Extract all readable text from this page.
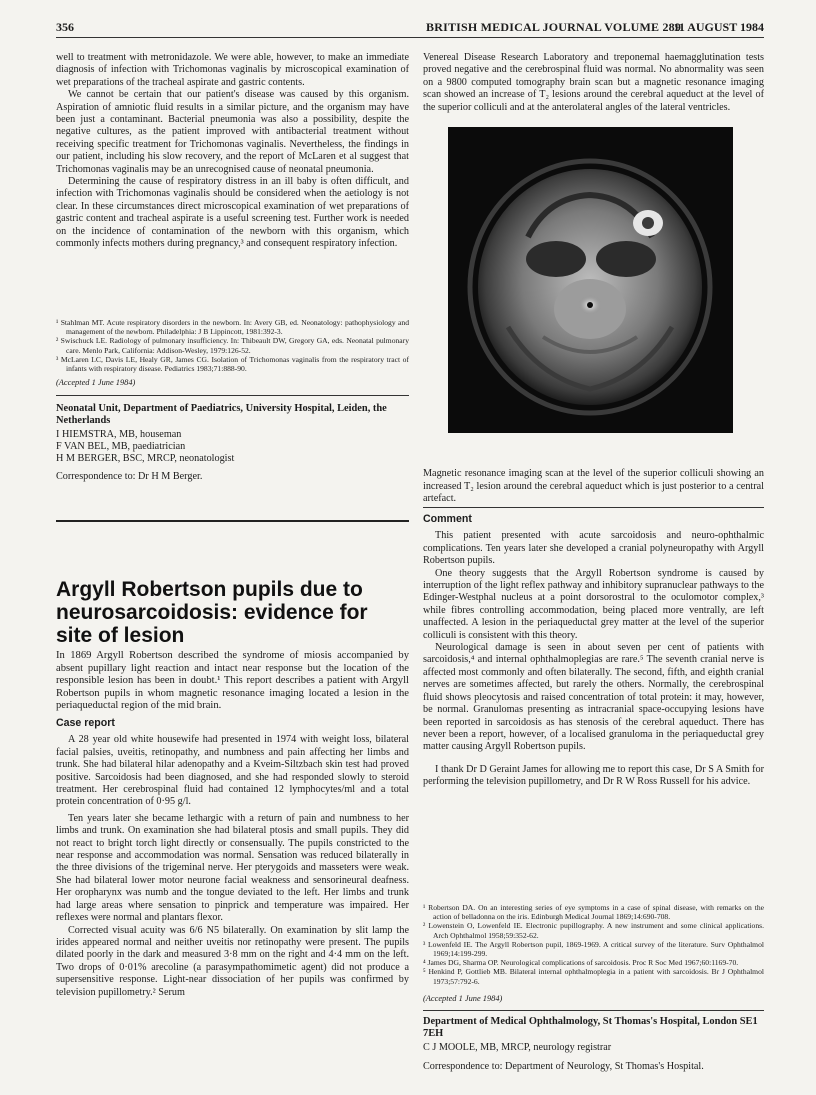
356	BRITISH MEDICAL JOURNAL VOLUME 289
11 AUGUST 1984

well to treatment with metronidazole. We were able, however, to make an immediate diagnosis of infection with Trichomonas vaginalis by microscopical examination of wet preparations of the tracheal aspirate and gastric contents.

We cannot be certain that our patient's disease was caused by this organism. Aspiration of amniotic fluid results in a similar picture, and the organism may have been just a contaminant. Bacterial pneumonia was also a possibility, despite the negative cultures, as the patient improved with antibacterial treatment without receiving specific treatment for Trichomonas vaginalis. Nevertheless, the findings in our patient, including his slow recovery, and the report of McLaren et al suggest that Trichomonas vaginalis may be an unrecognised cause of neonatal pneumonia.

Determining the cause of respiratory distress in an ill baby is often difficult, and infection with Trichomonas vaginalis should be considered when the aetiology is not clear. In these circumstances direct microscopical examination of wet preparations of gastric content and tracheal aspirate is a useful screening test. Further work is needed on the incidence of contamination of the newborn with this organism, which commonly infects mothers during pregnancy,³ and consequent respiratory infection.

¹ Stahlman MT. Acute respiratory disorders in the newborn. In: Avery GB, ed. Neonatology: pathophysiology and management of the newborn. Philadelphia: J B Lippincott, 1981:392-3.
² Swischuck LE. Radiology of pulmonary insufficiency. In: Thibeault DW, Gregory GA, eds. Neonatal pulmonary care. Menlo Park, California: Addison-Wesley, 1979:126-52.
³ McLaren LC, Davis LE, Healy GR, James CG. Isolation of Trichomonas vaginalis from the respiratory tract of infants with respiratory disease. Pediatrics 1983;71:888-90.
(Accepted 1 June 1984)
Neonatal Unit, Department of Paediatrics, University Hospital, Leiden, the Netherlands
I HIEMSTRA, MB, houseman
F VAN BEL, MB, paediatrician
H M BERGER, BSC, MRCP, neonatologist
Correspondence to: Dr H M Berger.

Venereal Disease Research Laboratory and treponemal haemagglutination tests proved negative and the cerebrospinal fluid was normal. No abnormality was seen on a 9800 computed tomography brain scan but a magnetic resonance imaging scan showed an increase of T₂ lesions around the cerebral aqueduct at the level of the superior colliculi and at the anterolateral angles of the lateral ventricles.

Magnetic resonance imaging scan at the level of the superior colliculi showing an increased T₂ lesion around the cerebral aqueduct which is just posterior to a central artefact.

Comment

This patient presented with acute sarcoidosis and neuro-ophthalmic complications. Ten years later she developed a cranial polyneuropathy with Argyll Robertson pupils.

One theory suggests that the Argyll Robertson syndrome is caused by interruption of the light reflex pathway and inhibitory supranuclear pathways to the Edinger-Westphal nucleus at a point dorsorostral to the oculomotor complex,³ while fibres controlling accommodation, being placed more ventrally, are left unaffected. A lesion in the periaqueductal grey matter at the level of the superior colliculi is consistent with this theory.

Neurological damage is seen in about seven per cent of patients with sarcoidosis,⁴ and internal ophthalmoplegias are rare.⁵ The seventh cranial nerve is affected most commonly and often bilaterally. The second, fifth, and eighth cranial nerves are sometimes affected, but rarely the others. Normally, the cerebrospinal fluid shows pleocytosis and raised concentration of total protein: it may, however, be normal. Granulomas presenting as intracranial space-occupying lesions have been reported in sarcoidosis as has stenosis of the cerebral aqueduct. There has never been a report, however, of a localised granuloma in the periaqueductal grey matter causing Argyll Robertson pupils.

I thank Dr D Geraint James for allowing me to report this case, Dr S A Smith for performing the television pupillometry, and Dr R W Ross Russell for his advice.

¹ Robertson DA. On an interesting series of eye symptoms in a case of spinal disease, with remarks on the action of belladonna on the iris. Edinburgh Medical Journal 1869;14:690-708.
² Lowenstein O, Lowenfeld IE. Electronic pupillography. A new instrument and some clinical applications. Arch Ophthalmol 1958;59:352-62.
³ Lowenfeld IE. The Argyll Robertson pupil, 1869-1969. A critical survey of the literature. Surv Ophthalmol 1969;14:199-299.
⁴ James DG, Sharma OP. Neurological complications of sarcoidosis. Proc R Soc Med 1967;60:1169-70.
⁵ Henkind P, Gottlieb MB. Bilateral internal ophthalmoplegia in a patient with sarcoidosis. Br J Ophthalmol 1973;57:792-6.
(Accepted 1 June 1984)
Department of Medical Ophthalmology, St Thomas's Hospital, London SE1 7EH
C J MOOLE, MB, MRCP, neurology registrar
Correspondence to: Department of Neurology, St Thomas's Hospital.
Argyll Robertson pupils due to neurosarcoidosis: evidence for site of lesion
In 1869 Argyll Robertson described the syndrome of miosis accompanied by absent pupillary light reaction and intact near response but the location of the responsible lesion has been in doubt.¹ This report describes a patient with Argyll Robertson pupils in whom magnetic resonance imaging located a lesion in the periaqueductal region of the mid brain.

Case report

A 28 year old white housewife had presented in 1974 with weight loss, bilateral facial palsies, uveitis, retinopathy, and numbness and pain affecting her limbs and trunk. She had bilateral hilar adenopathy and a Kveim-Siltzbach skin test had proved positive. Sarcoidosis had been diagnosed, and she had responded slowly to steroid treatment. Her cerebrospinal fluid had contained 12 lymphocytes/ml and a total protein concentration of 0·95 g/l.

Ten years later she became lethargic with a return of pain and numbness to her limbs and trunk. On examination she had bilateral ptosis and small pupils. They did not react to bright torch light directly or consensually. The pupils constricted to the near response and accommodation was normal. Sensation was reduced bilaterally in the three divisions of the trigeminal nerve. Her pterygoids and masseters were weak. She had bilateral lower motor neurone facial weakness and sensorineural deafness. Her oropharynx was numb and the tongue deviated to the left. Her limbs and trunk had large areas where sensation to pinprick and temperature was impaired. Her reflexes were normal and plantars flexor.

Corrected visual acuity was 6/6 N5 bilaterally. On examination by slit lamp the irides appeared normal and neither uveitis nor retinopathy were present. The pupils dilated poorly in the dark and measured 3·8 mm on the right and 4·4 mm on the left. Two drops of 0·01% arecoline (a parasympathomimetic agent) did not produce a supersensitive response. Light-near dissociation of her pupils was confirmed by television pupillometry.² Serum
